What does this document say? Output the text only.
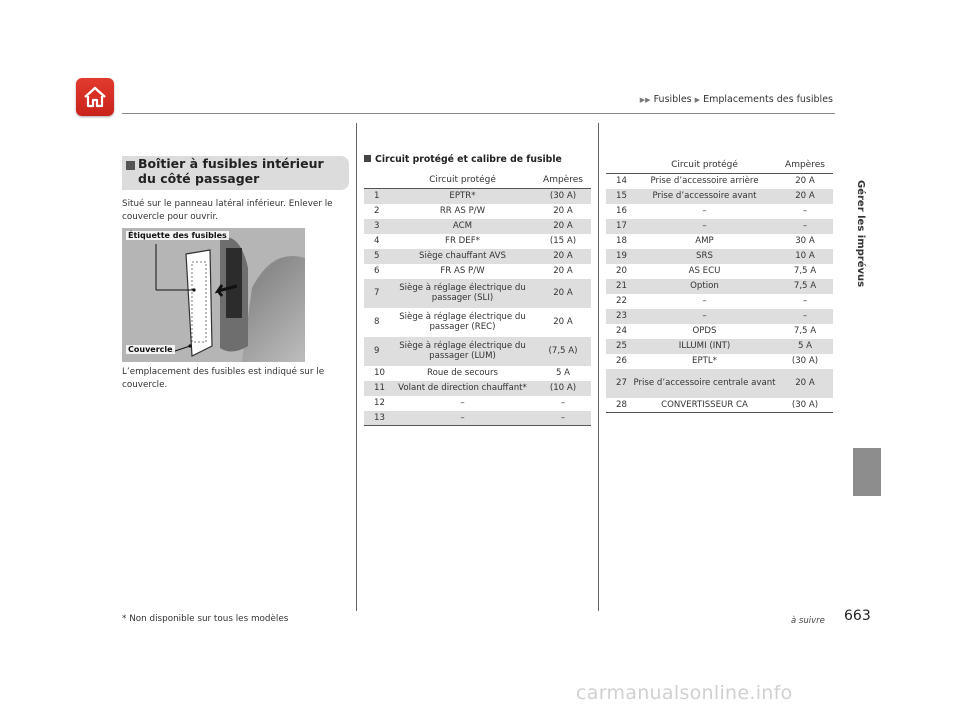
▶▶ Fusibles ▶ Emplacements des fusibles
Gérer les imprévus
Boîtier à fusibles intérieur du côté passager
Situé sur le panneau latéral inférieur. Enlever le couvercle pour ouvrir.
Étiquette des fusibles
Couvercle
L’emplacement des fusibles est indiqué sur le couvercle.
Circuit protégé et calibre de fusible
	Circuit protégé	Ampères
1	EPTR*	(30 A)
2	RR AS P/W	20 A
3	ACM	20 A
4	FR DEF*	(15 A)
5	Siège chauffant AVS	20 A
6	FR AS P/W	20 A
7	Siège à réglage électrique du passager (SLI)	20 A
8	Siège à réglage électrique du passager (REC)	20 A
9	Siège à réglage électrique du passager (LUM)	(7,5 A)
10	Roue de secours	5 A
11	Volant de direction chauffant*	(10 A)
12	–	–
13	–	–
	Circuit protégé	Ampères
14	Prise d’accessoire arrière	20 A
15	Prise d’accessoire avant	20 A
16	–	–
17	–	–
18	AMP	30 A
19	SRS	10 A
20	AS ECU	7,5 A
21	Option	7,5 A
22	–	–
23	–	–
24	OPDS	7,5 A
25	ILLUMI (INT)	5 A
26	EPTL*	(30 A)
27	Prise d’accessoire centrale avant	20 A
28	CONVERTISSEUR CA	(30 A)
* Non disponible sur tous les modèles	à suivre 663
carmanualsonline.info
